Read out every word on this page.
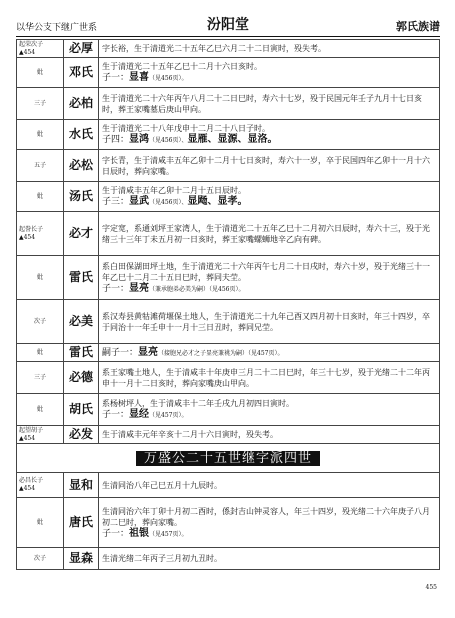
以华公支下继广世系	汾阳堂	郭氏族谱
起荣次子
▲454	必厚	字长裕，生于清道光二十五年乙巳六月二十二日寅时，殁失考。

妣	邓氏	生于清道光二十五年乙巳十二月十六日亥时。
子一：显喜（见456页）。

三子	必柏	生于清道光二十六年丙午八月二十二日巳时，寿六十七岁，殁于民国元年壬子九月十七日亥时，葬王家嘴墓后庚山甲向。

妣	水氏	生于清道光二十八年戊申十二月二十八日子时。
子四：显鸿（见456页）、显雁、显源、显洛。

五子	必松	字长青，生于清咸丰五年乙卯十二月十七日亥时，寿六十一岁，卒于民国四年乙卯十一月十六日辰时，葬向家嘴。

妣	汤氏	生于清咸丰五年乙卯十二月十五日辰时。
子三：显武（见456页）、显飏、显孝。

起誊长子
▲454	必才	字定宽，系通刘坪王家湾人，生于清道光二十五年乙巳十二月初六日辰时，寿六十三，殁于光绪三十三年丁未五月初一日亥时，葬王家嘴螺蛳地辛乙向有碑。

妣	雷氏	系白田保湖田坪土地，生于清道光二十六年丙午七月二十日戌时，寿六十岁，殁于光绪三十一年乙巳十二月二十五日巳时，葬同夫茔。
子一：显亮（兼承胞弟必美为嗣）（见456页）。

次子	必美	系汉寿县黄牯滩荷堰保土地人，生于清道光二十九年己酉又四月初十日亥时，年三十四岁，卒于同治十一年壬申十一月十三日丑时，葬同兄茔。

妣	雷氏	嗣子一：显亮（接胞兄必才之子显亮兼祧为嗣）（见457页）。

三子	必德	系王家嘴土地人，生于清咸丰十年庚申三月二十二日巳时，年三十七岁，殁于光绪二十二年丙申十一月十二日亥时，葬向家嘴庚山甲向。

妣	胡氏	系杨树坪人，生于清咸丰十二年壬戌九月初四日寅时。
子一：显经（见457页）。

起望胡子
▲454	必发	生于清咸丰元年辛亥十二月十六日寅时，殁失考。

万盛公二十五世继字派四世		
必昌长子
▲454	显和	生清同治八年己巳五月十九辰时。

妣	唐氏	生清同治六年丁卯十月初二酉时，係封吉山钟灵容人，年三十四岁，殁光绪二十六年庚子八月初二巳时，葬向家嘴。
子一：祖银（见457页）。

次子	显森	生清光绪二年丙子三月初九丑时。
455
